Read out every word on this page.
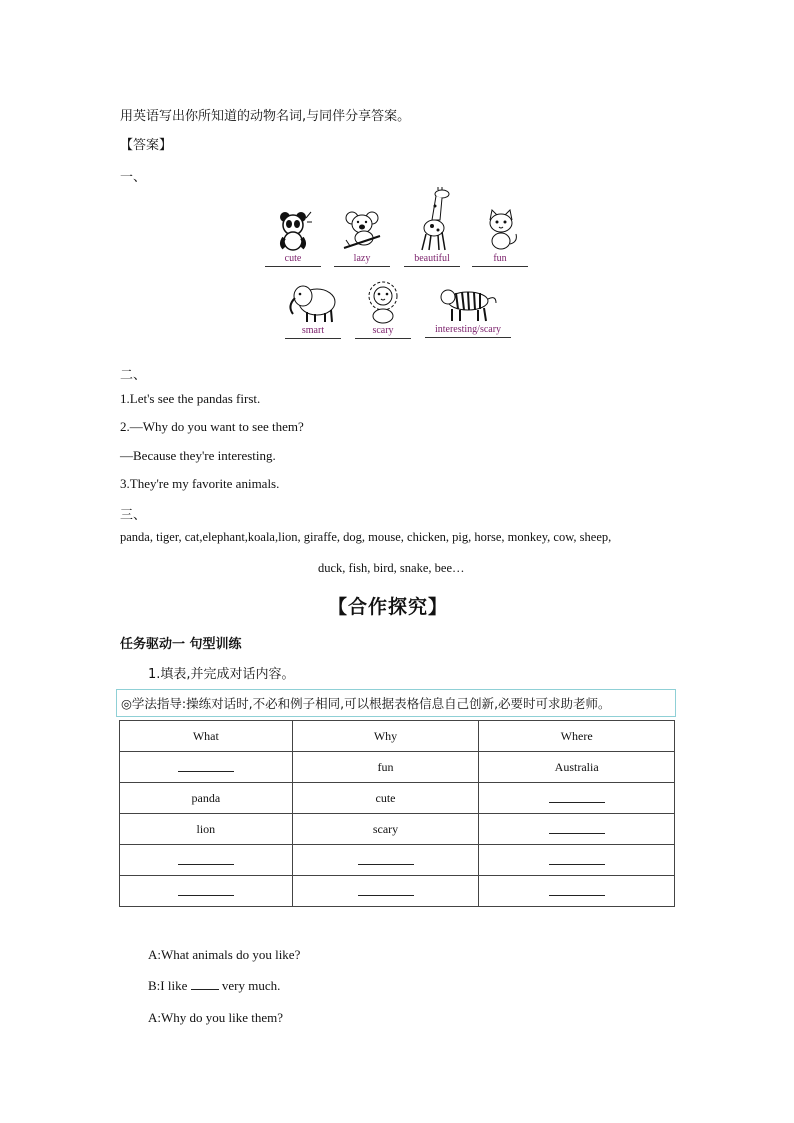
用英语写出你所知道的动物名词,与同伴分享答案。
【答案】
一、
cute	lazy	beautiful	fun
smart	scary	interesting/scary
二、
1.Let's see the pandas first.
2.—Why do you want to see them?
—Because they're interesting.
3.They're my favorite animals.
三、
panda, tiger, cat,elephant,koala,lion, giraffe, dog, mouse, chicken, pig, horse, monkey, cow, sheep,
duck, fish, bird, snake, bee…
【合作探究】
任务驱动一 句型训练
1.填表,并完成对话内容。
◎学法指导:操练对话时,不必和例子相同,可以根据表格信息自己创新,必要时可求助老师。
What	Why	Where
	fun	Australia
panda	cute	
lion	scary	

A:What animals do you like?
B:I like  very much.
A:Why do you like them?
